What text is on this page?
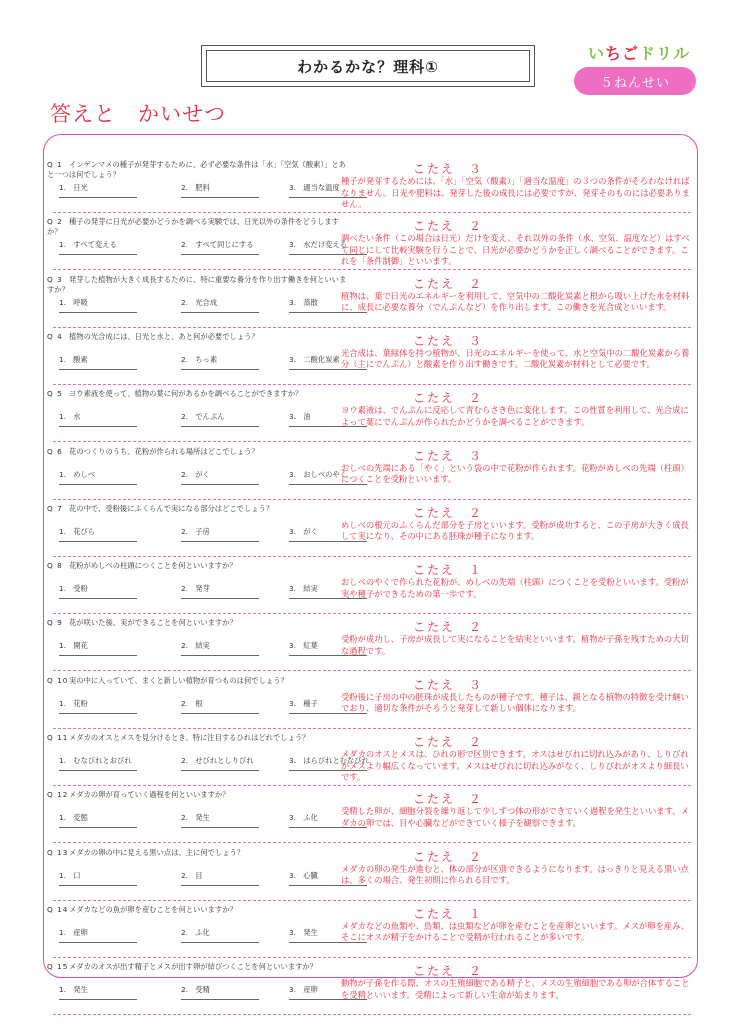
わかるかな？理科①
い ち ご ド リ ル
５ねんせい
答えと　かいせつ
Q 1 インゲンマメの種子が発芽するために、必ず必要な条件は「水」「空気（酸素）」とあと一つは何でしょう？
1.　日光	2.　肥料	3.　適当な温度
こたえ　３
種子が発芽するためには、「水」「空気（酸素）」「適当な温度」の３つの条件がそろわなければなりません。日光や肥料は、発芽した後の成長には必要ですが、発芽そのものには必要ありません。
Q 2 種子の発芽に日光が必要かどうかを調べる実験では、日光以外の条件をどうしますか？
1.　すべて変える	2.　すべて同じにする	3.　水だけ変える
こたえ　２
調べたい条件（この場合は日光）だけを変え、それ以外の条件（水、空気、温度など）はすべて同じにして比較実験を行うことで、日光が必要かどうかを正しく調べることができます。これを「条件制御」といいます。
Q 3 発芽した植物が大きく成長するために、特に重要な養分を作り出す働きを何といいますか？
1.　呼吸	2.　光合成	3.　蒸散
こたえ　２
植物は、葉で日光のエネルギーを利用して、空気中の二酸化炭素と根から吸い上げた水を材料に、成長に必要な養分（でんぷんなど）を作り出します。この働きを光合成といいます。
Q 4 植物の光合成には、日光と水と、あと何が必要でしょう？
1.　酸素	2.　ちっ素	3.　二酸化炭素
こたえ　３
光合成は、葉緑体を持つ植物が、日光のエネルギーを使って、水と空気中の二酸化炭素から養分（主にでんぷん）と酸素を作り出す働きです。二酸化炭素が材料として必要です。
Q 5 ヨウ素液を使って、植物の葉に何があるかを調べることができますか？
1.　水	2.　でんぷん	3.　油
こたえ　２
ヨウ素液は、でんぷんに反応して青むらさき色に変化します。この性質を利用して、光合成によって葉にでんぷんが作られたかどうかを調べることができます。
Q 6 花のつくりのうち、花粉が作られる場所はどこでしょう？
1.　めしべ	2.　がく	3.　おしべのやく
こたえ　３
おしべの先端にある「やく」という袋の中で花粉が作られます。花粉がめしべの先端（柱頭）につくことを受粉といいます。
Q 7 花の中で、受粉後にふくらんで実になる部分はどこでしょう？
1.　花びら	2.　子房	3.　がく
こたえ　２
めしべの根元のふくらんだ部分を子房といいます。受粉が成功すると、この子房が大きく成長して実になり、その中にある胚珠が種子になります。
Q 8 花粉がめしべの柱頭につくことを何といいますか？
1.　受粉	2.　発芽	3.　結実
こたえ　１
おしべのやくで作られた花粉が、めしべの先端（柱頭）につくことを受粉といいます。受粉が実や種子ができるための第一歩です。
Q 9 花が咲いた後、実ができることを何といいますか？
1.　開花	2.　結実	3.　紅葉
こたえ　２
受粉が成功し、子房が成長して実になることを結実といいます。植物が子孫を残すための大切な過程です。
Q 10実の中に入っていて、まくと新しい植物が育つものは何でしょう？
1.　花粉	2.　根	3.　種子
こたえ　３
受粉後に子房の中の胚珠が成長したものが種子です。種子は、親となる植物の特徴を受け継いでおり、適切な条件がそろうと発芽して新しい個体になります。
Q 11メダカのオスとメスを見分けるとき、特に注目するひれはどれでしょう？
1.　むなびれとおびれ	2.　せびれとしりびれ	3.　はらびれとむなびれ
こたえ　２
メダカのオスとメスは、ひれの形で区別できます。オスはせびれに切れ込みがあり、しりびれがメスより幅広くなっています。メスはせびれに切れ込みがなく、しりびれがオスより細長いです。
Q 12メダカの卵が育っていく過程を何といいますか？
1.　変態	2.　発生	3.　ふ化
こたえ　２
受精した卵が、細胞分裂を繰り返して少しずつ体の形ができていく過程を発生といいます。メダカの卵では、目や心臓などができていく様子を観察できます。
Q 13メダカの卵の中に見える黒い点は、主に何でしょう？
1.　口	2.　目	3.　心臓
こたえ　２
メダカの卵の発生が進むと、体の部分が区別できるようになります。はっきりと見える黒い点は、多くの場合、発生初期に作られる目です。
Q 14メダカなどの魚が卵を産むことを何といいますか？
1.　産卵	2.　ふ化	3.　発生
こたえ　１
メダカなどの魚類や、鳥類、は虫類などが卵を産むことを産卵といいます。メスが卵を産み、そこにオスが精子をかけることで受精が行われることが多いです。
Q 15メダカのオスが出す精子とメスが出す卵が結びつくことを何といいますか？
1.　発生	2.　受精	3.　産卵
こたえ　２
動物が子孫を作る際、オスの生殖細胞である精子と、メスの生殖細胞である卵が合体することを受精といいます。受精によって新しい生命が始まります。
